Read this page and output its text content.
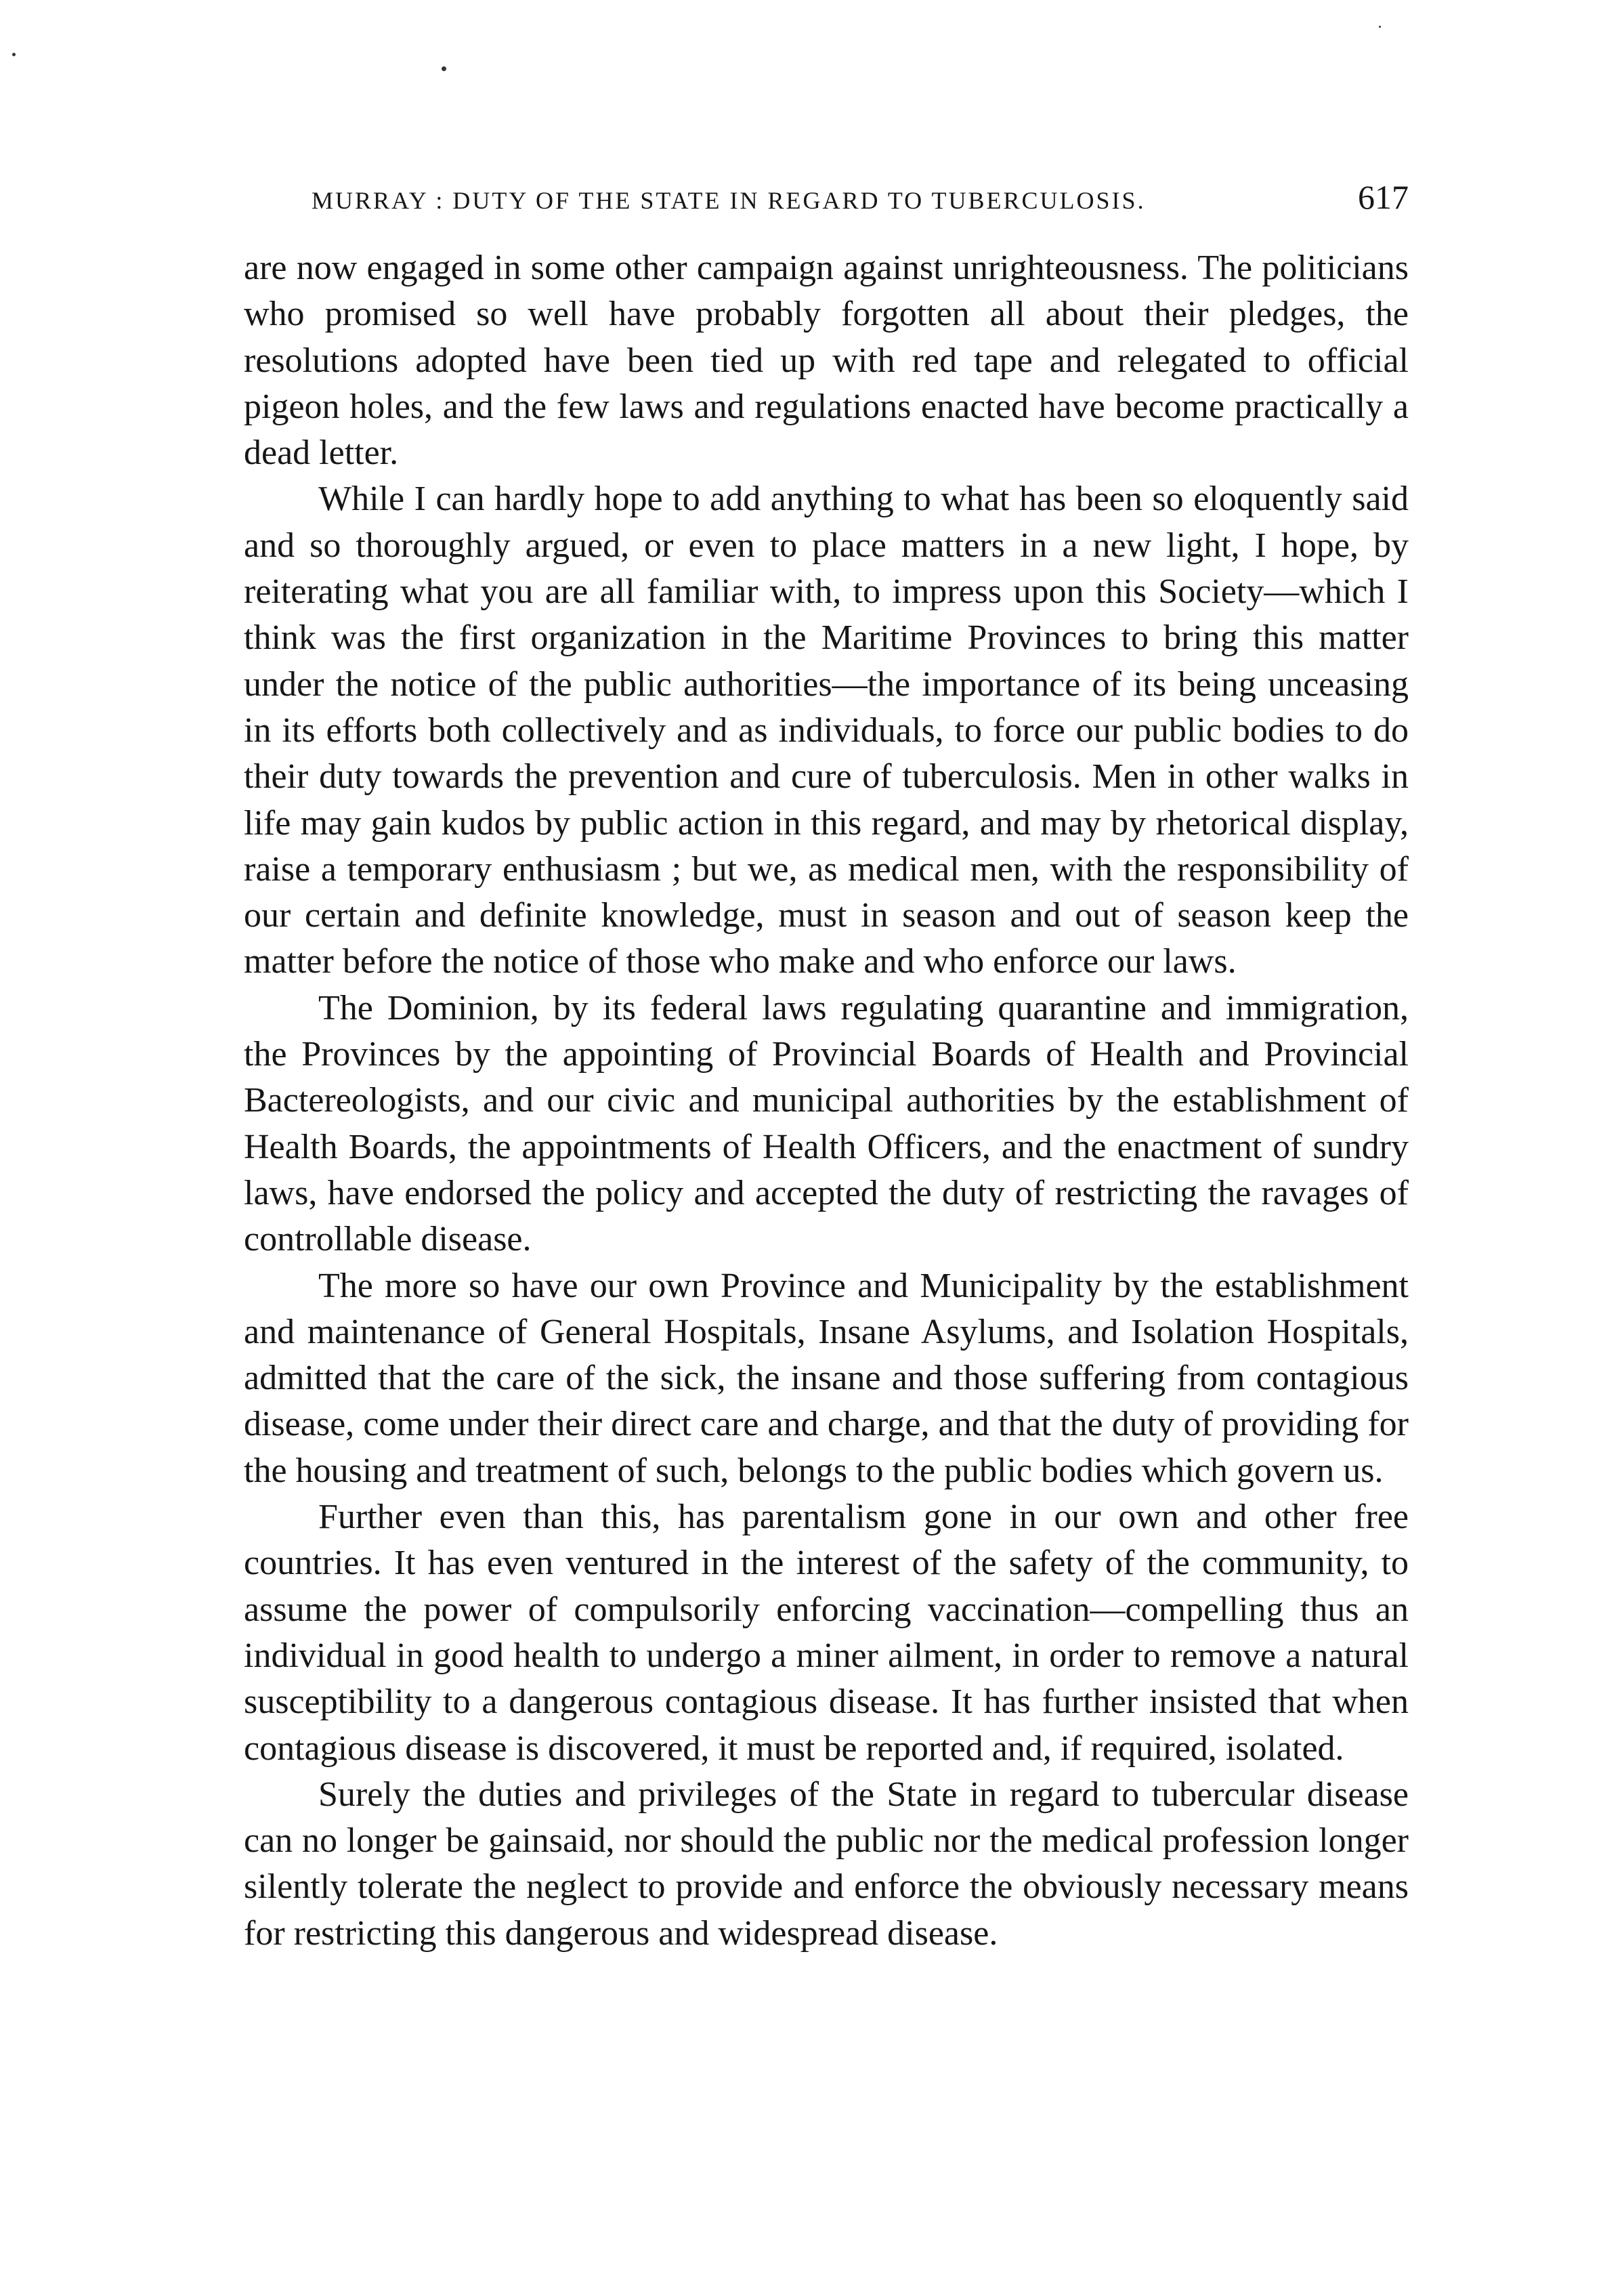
MURRAY : DUTY OF THE STATE IN REGARD TO TUBERCULOSIS.	617

are now engaged in some other campaign against unrighteousness. The politicians who promised so well have probably forgotten all about their pledges, the resolutions adopted have been tied up with red tape and relegated to official pigeon holes, and the few laws and regulations enacted have become practically a dead letter.

While I can hardly hope to add anything to what has been so eloquently said and so thoroughly argued, or even to place matters in a new light, I hope, by reiterating what you are all familiar with, to impress upon this Society—which I think was the first organization in the Maritime Provinces to bring this matter under the notice of the public authorities—the importance of its being unceasing in its efforts both collectively and as individuals, to force our public bodies to do their duty towards the prevention and cure of tuberculosis. Men in other walks in life may gain kudos by public action in this regard, and may by rhetorical display, raise a temporary enthusiasm ; but we, as medical men, with the responsibility of our certain and definite knowledge, must in season and out of season keep the matter before the notice of those who make and who enforce our laws.

The Dominion, by its federal laws regulating quarantine and immigration, the Provinces by the appointing of Provincial Boards of Health and Provincial Bactereologists, and our civic and municipal authorities by the establishment of Health Boards, the appointments of Health Officers, and the enactment of sundry laws, have endorsed the policy and accepted the duty of restricting the ravages of controllable disease.

The more so have our own Province and Municipality by the establishment and maintenance of General Hospitals, Insane Asylums, and Isolation Hospitals, admitted that the care of the sick, the insane and those suffering from contagious disease, come under their direct care and charge, and that the duty of providing for the housing and treatment of such, belongs to the public bodies which govern us.

Further even than this, has parentalism gone in our own and other free countries. It has even ventured in the interest of the safety of the community, to assume the power of compulsorily enforcing vaccination—compelling thus an individual in good health to undergo a miner ailment, in order to remove a natural susceptibility to a dangerous contagious disease. It has further insisted that when contagious disease is discovered, it must be reported and, if required, isolated.

Surely the duties and privileges of the State in regard to tubercular disease can no longer be gainsaid, nor should the public nor the medical profession longer silently tolerate the neglect to provide and enforce the obviously necessary means for restricting this dangerous and widespread disease.
